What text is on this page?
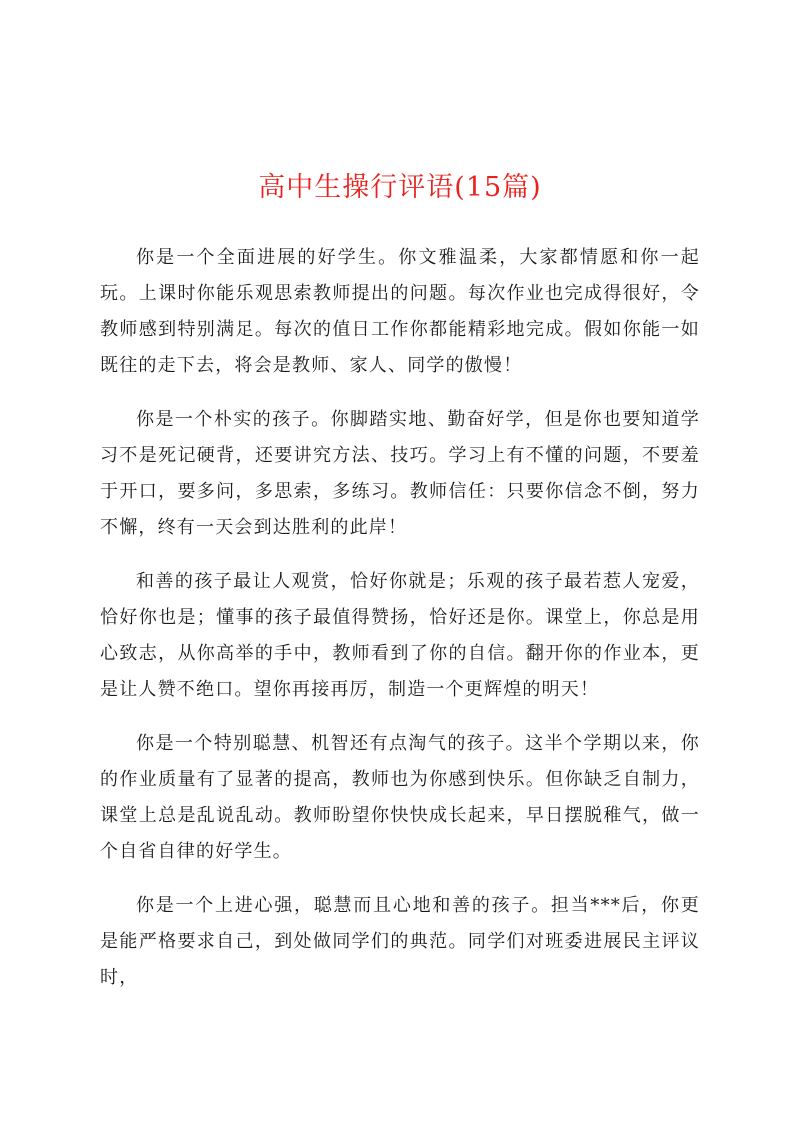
高中生操行评语(15篇)

你是一个全面进展的好学生。你文雅温柔，大家都情愿和你一起玩。上课时你能乐观思索教师提出的问题。每次作业也完成得很好，令教师感到特别满足。每次的值日工作你都能精彩地完成。假如你能一如既往的走下去，将会是教师、家人、同学的傲慢！

你是一个朴实的孩子。你脚踏实地、勤奋好学，但是你也要知道学习不是死记硬背，还要讲究方法、技巧。学习上有不懂的问题，不要羞于开口，要多问，多思索，多练习。教师信任：只要你信念不倒，努力不懈，终有一天会到达胜利的此岸！

和善的孩子最让人观赏，恰好你就是；乐观的孩子最若惹人宠爱，恰好你也是；懂事的孩子最值得赞扬，恰好还是你。课堂上，你总是用心致志，从你高举的手中，教师看到了你的自信。翻开你的作业本，更是让人赞不绝口。望你再接再厉，制造一个更辉煌的明天！

你是一个特别聪慧、机智还有点淘气的孩子。这半个学期以来，你的作业质量有了显著的提高，教师也为你感到快乐。但你缺乏自制力，课堂上总是乱说乱动。教师盼望你快快成长起来，早日摆脱稚气，做一个自省自律的好学生。

你是一个上进心强，聪慧而且心地和善的孩子。担当***后，你更是能严格要求自己，到处做同学们的典范。同学们对班委进展民主评议时，
